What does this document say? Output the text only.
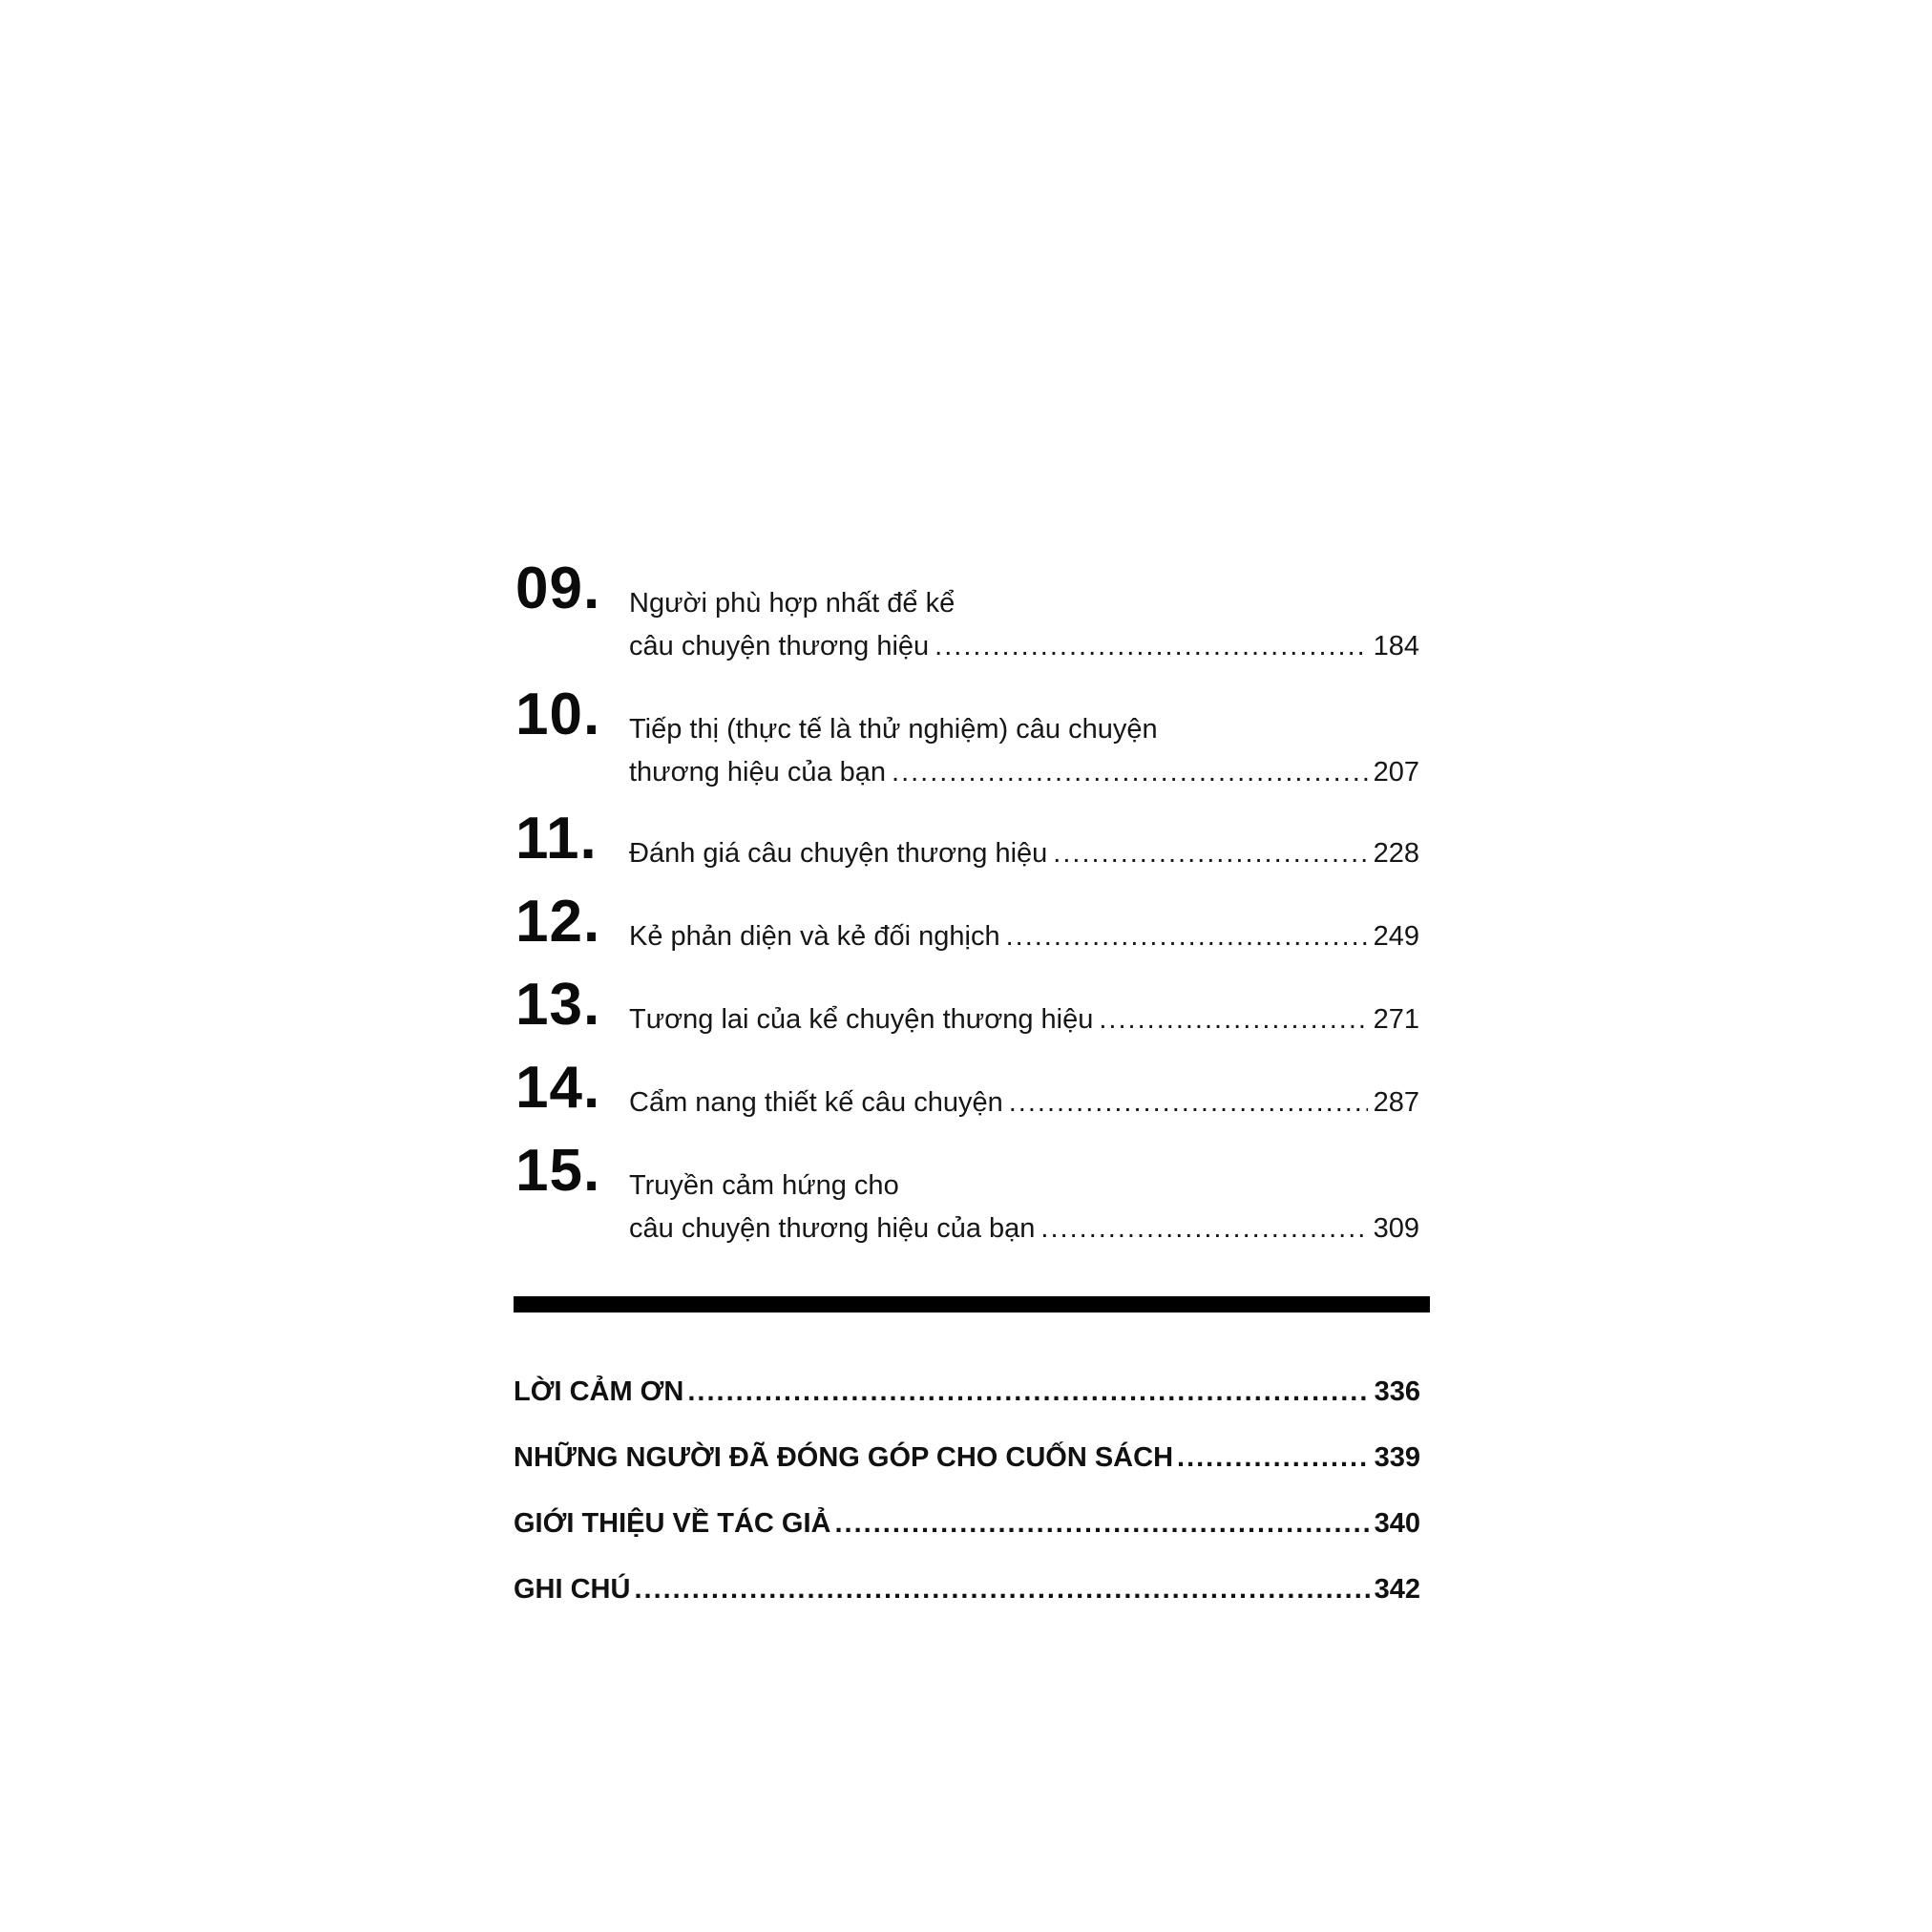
09. Người phù hợp nhất để kể
câu chuyện thương hiệu .....	184
10. Tiếp thị (thực tế là thử nghiệm) câu chuyện
thương hiệu của bạn .....	207
11. Đánh giá câu chuyện thương hiệu .....	228
12. Kẻ phản diện và kẻ đối nghịch .....	249
13. Tương lai của kể chuyện thương hiệu .....	271
14. Cẩm nang thiết kế câu chuyện .....	287
15. Truyền cảm hứng cho
câu chuyện thương hiệu của bạn .....	309
LỜI CẢM ƠN .....	336
NHỮNG NGƯỜI ĐÃ ĐÓNG GÓP CHO CUỐN SÁCH .....	339
GIỚI THIỆU VỀ TÁC GIẢ .....	340
GHI CHÚ .....	342
